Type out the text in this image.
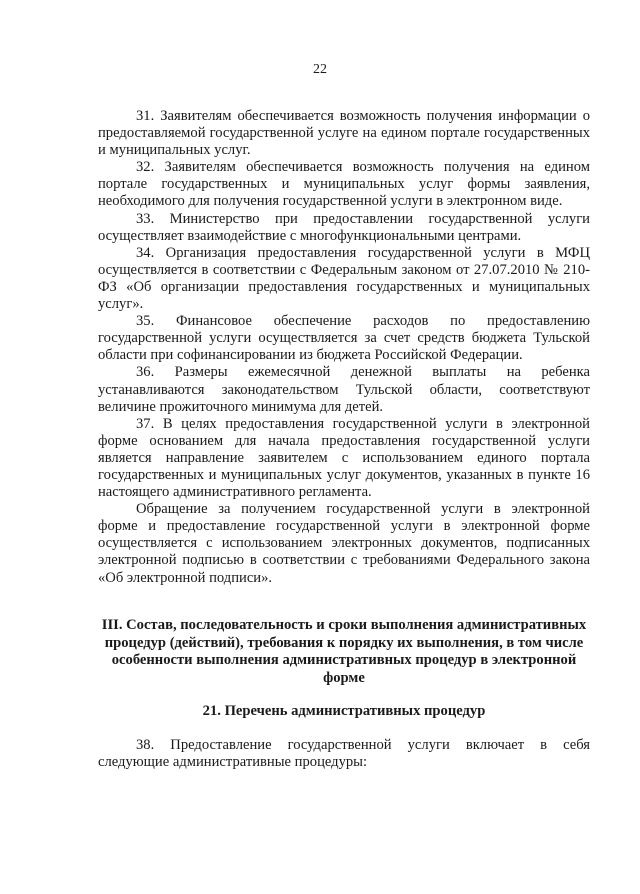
22

31. Заявителям обеспечивается возможность получения информации о предоставляемой государственной услуге на едином портале государственных и муниципальных услуг.

32. Заявителям обеспечивается возможность получения на едином портале государственных и муниципальных услуг формы заявления, необходимого для получения государственной услуги в электронном виде.

33. Министерство при предоставлении государственной услуги осуществляет взаимодействие с многофункциональными центрами.

34. Организация предоставления государственной услуги в МФЦ осуществляется в соответствии с Федеральным законом от 27.07.2010 № 210-ФЗ «Об организации предоставления государственных и муниципальных услуг».

35. Финансовое обеспечение расходов по предоставлению государственной услуги осуществляется за счет средств бюджета Тульской области при софинансировании из бюджета Российской Федерации.

36. Размеры ежемесячной денежной выплаты на ребенка устанавливаются законодательством Тульской области, соответствуют величине прожиточного минимума для детей.

37. В целях предоставления государственной услуги в электронной форме основанием для начала предоставления государственной услуги является направление заявителем с использованием единого портала государственных и муниципальных услуг документов, указанных в пункте 16 настоящего административного регламента.

Обращение за получением государственной услуги в электронной форме и предоставление государственной услуги в электронной форме осуществляется с использованием электронных документов, подписанных электронной подписью в соответствии с требованиями Федерального закона «Об электронной подписи».

III. Состав, последовательность и сроки выполнения административных процедур (действий), требования к порядку их выполнения, в том числе особенности выполнения административных процедур в электронной форме
21. Перечень административных процедур

38. Предоставление государственной услуги включает в себя следующие административные процедуры:
